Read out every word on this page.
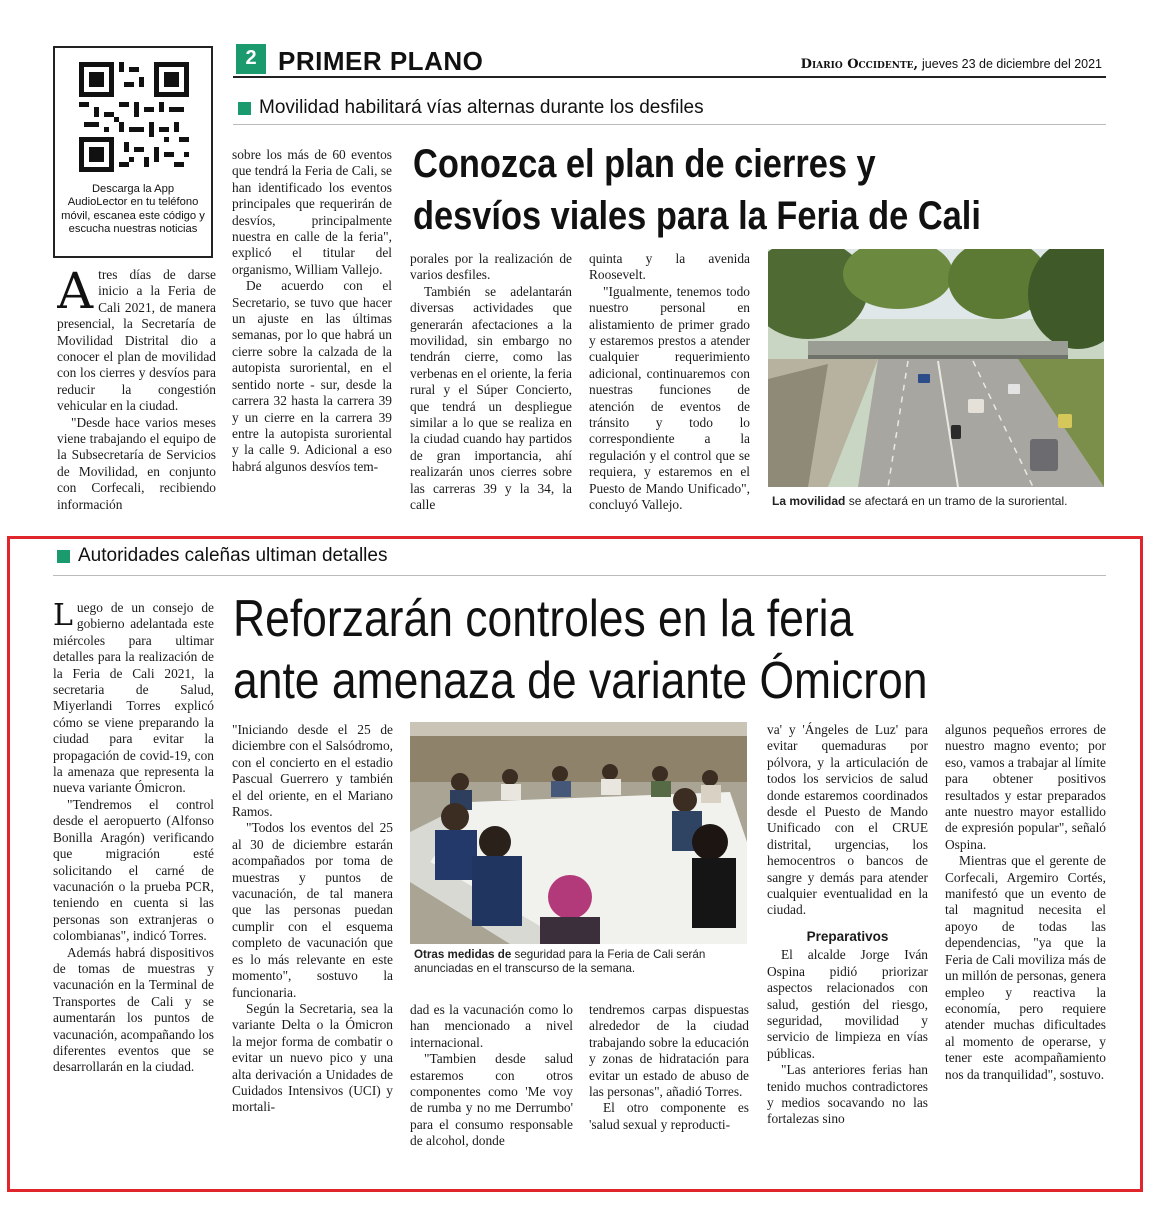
2 PRIMER PLANO	Diario Occidente, jueves 23 de diciembre del 2021
Descarga la App AudioLector en tu teléfono móvil, escanea este código y escucha nuestras noticias
Movilidad habilitará vías alternas durante los desfiles
Conozca el plan de cierres y
desvíos viales para la Feria de Cali

Atres días de darse inicio a la Feria de Cali 2021, de manera presencial, la Secretaría de Movilidad Distrital dio a conocer el plan de movilidad con los cierres y desvíos para reducir la congestión vehicular en la ciudad.

"Desde hace varios meses viene trabajando el equipo de la Subsecretaría de Servicios de Movilidad, en conjunto con Corfecali, recibiendo información

sobre los más de 60 eventos que tendrá la Feria de Cali, se han identificado los eventos principales que requerirán de desvíos, principalmente nuestra en calle de la feria", explicó el titular del organismo, William Vallejo.

De acuerdo con el Secretario, se tuvo que hacer un ajuste en las últimas semanas, por lo que habrá un cierre sobre la calzada de la autopista suroriental, en el sentido norte - sur, desde la carrera 32 hasta la carrera 39 y un cierre en la carrera 39 entre la autopista suroriental y la calle 9. Adicional a eso habrá algunos desvíos tem-

porales por la realización de varios desfiles.

También se adelantarán diversas actividades que generarán afectaciones a la movilidad, sin embargo no tendrán cierre, como las verbenas en el oriente, la feria rural y el Súper Concierto, que tendrá un despliegue similar a lo que se realiza en la ciudad cuando hay partidos de gran importancia, ahí realizarán unos cierres sobre las carreras 39 y la 34, la calle

quinta y la avenida Roosevelt.

"Igualmente, tenemos todo nuestro personal en alistamiento de primer grado y estaremos prestos a atender cualquier requerimiento adicional, continuaremos con nuestras funciones de atención de eventos de tránsito y todo lo correspondiente a la regulación y el control que se requiera, y estaremos en el Puesto de Mando Unificado", concluyó Vallejo.	La movilidad se afectará en un tramo de la suroriental.
Autoridades caleñas ultiman detalles
Reforzarán controles en la feria
ante amenaza de variante Ómicron

Luego de un consejo de gobierno adelantada este miércoles para ultimar detalles para la realización de la Feria de Cali 2021, la secretaria de Salud, Miyerlandi Torres explicó cómo se viene preparando la ciudad para evitar la propagación de covid-19, con la amenaza que representa la nueva variante Ómicron.

"Tendremos el control desde el aeropuerto (Alfonso Bonilla Aragón) verificando que migración esté solicitando el carné de vacunación o la prueba PCR, teniendo en cuenta si las personas son extranjeras o colombianas", indicó Torres.

Además habrá dispositivos de tomas de muestras y vacunación en la Terminal de Transportes de Cali y se aumentarán los puntos de vacunación, acompañando los diferentes eventos que se desarrollarán en la ciudad.

"Iniciando desde el 25 de diciembre con el Salsódromo, con el concierto en el estadio Pascual Guerrero y también el del oriente, en el Mariano Ramos.

"Todos los eventos del 25 al 30 de diciembre estarán acompañados por toma de muestras y puntos de vacunación, de tal manera que las personas puedan cumplir con el esquema completo de vacunación que es lo más relevante en este momento", sostuvo la funcionaria.

Según la Secretaria, sea la variante Delta o la Ómicron la mejor forma de combatir o evitar un nuevo pico y una alta derivación a Unidades de Cuidados Intensivos (UCI) y mortali-

Otras medidas de seguridad para la Feria de Cali serán anunciadas en el transcurso de la semana.

dad es la vacunación como lo han mencionado a nivel internacional.

"Tambien desde salud estaremos con otros componentes como 'Me voy de rumba y no me Derrumbo' para el consumo responsable de alcohol, donde

tendremos carpas dispuestas alrededor de la ciudad trabajando sobre la educación y zonas de hidratación para evitar un estado de abuso de las personas", añadió Torres.

El otro componente es 'salud sexual y reproducti-

va' y 'Ángeles de Luz' para evitar quemaduras por pólvora, y la articulación de todos los servicios de salud donde estaremos coordinados desde el Puesto de Mando Unificado con el CRUE distrital, urgencias, los hemocentros o bancos de sangre y demás para atender cualquier eventualidad en la ciudad.

Preparativos

El alcalde Jorge Iván Ospina pidió priorizar aspectos relacionados con salud, gestión del riesgo, seguridad, movilidad y servicio de limpieza en vías públicas.

"Las anteriores ferias han tenido muchos contradictores y medios socavando no las fortalezas sino

algunos pequeños errores de nuestro magno evento; por eso, vamos a trabajar al límite para obtener positivos resultados y estar preparados ante nuestro mayor estallido de expresión popular", señaló Ospina.

Mientras que el gerente de Corfecali, Argemiro Cortés, manifestó que un evento de tal magnitud necesita el apoyo de todas las dependencias, "ya que la Feria de Cali moviliza más de un millón de personas, genera empleo y reactiva la economía, pero requiere atender muchas dificultades al momento de operarse, y tener este acompañamiento nos da tranquilidad", sostuvo.
